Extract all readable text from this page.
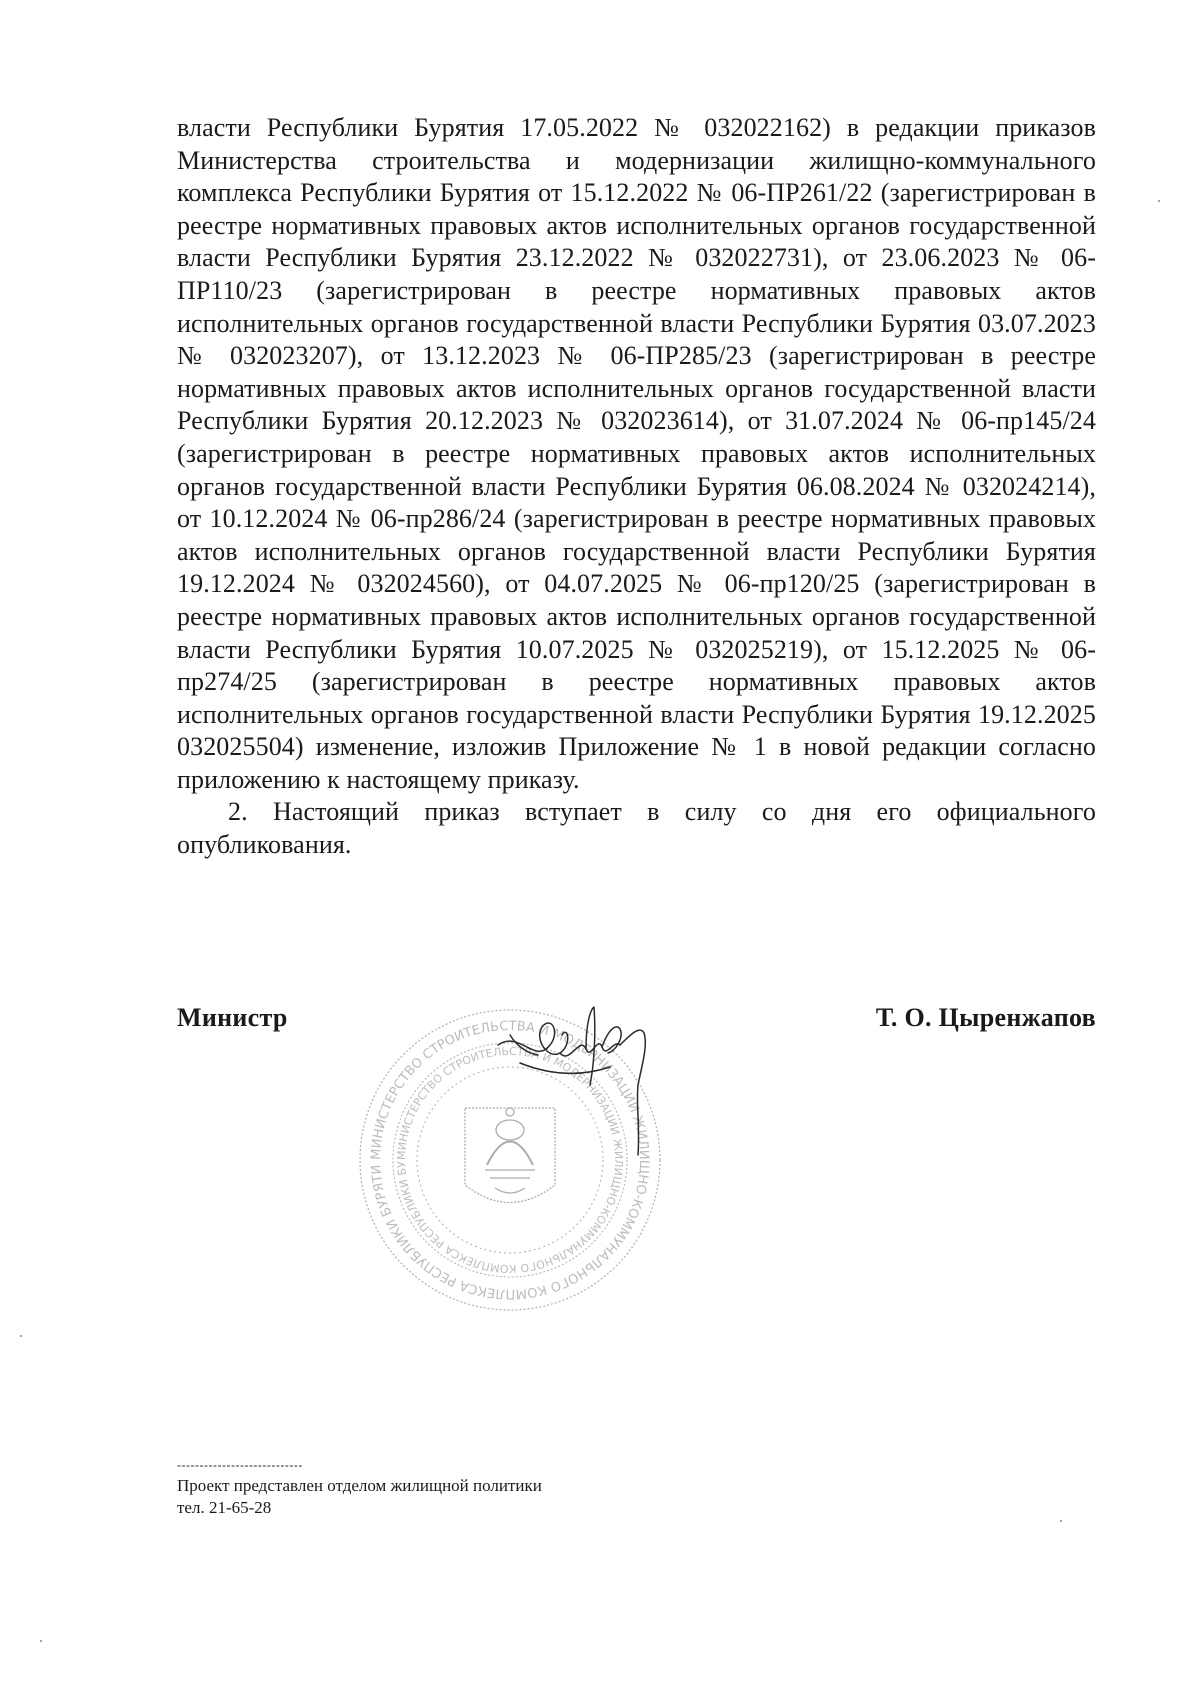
власти Республики Бурятия 17.05.2022 № 032022162) в редакции приказов Министерства строительства и модернизации жилищно-коммунального комплекса Республики Бурятия от 15.12.2022 № 06-ПР261/22 (зарегистрирован в реестре нормативных правовых актов исполнительных органов государственной власти Республики Бурятия 23.12.2022 № 032022731), от 23.06.2023 № 06-ПР110/23 (зарегистрирован в реестре нормативных правовых актов исполнительных органов государственной власти Республики Бурятия 03.07.2023 № 032023207), от 13.12.2023 № 06-ПР285/23 (зарегистрирован в реестре нормативных правовых актов исполнительных органов государственной власти Республики Бурятия 20.12.2023 № 032023614), от 31.07.2024 № 06-пр145/24 (зарегистрирован в реестре нормативных правовых актов исполнительных органов государственной власти Республики Бурятия 06.08.2024 № 032024214), от 10.12.2024 № 06-пр286/24 (зарегистрирован в реестре нормативных правовых актов исполнительных органов государственной власти Республики Бурятия 19.12.2024 № 032024560), от 04.07.2025 № 06-пр120/25 (зарегистрирован в реестре нормативных правовых актов исполнительных органов государственной власти Республики Бурятия 10.07.2025 № 032025219), от 15.12.2025 № 06-пр274/25 (зарегистрирован в реестре нормативных правовых актов исполнительных органов государственной власти Республики Бурятия 19.12.2025 032025504) изменение, изложив Приложение № 1 в новой редакции согласно приложению к настоящему приказу.

2. Настоящий приказ вступает в силу со дня его официального опубликования.

Министр	Т. О. Цыренжапов
МИНИСТЕРСТВО СТРОИТЕЛЬСТВА И МОДЕРНИЗАЦИИ ЖИЛИЩНО-КОММУНАЛЬНОГО КОМПЛЕКСА РЕСПУБЛИКИ БУРЯТИ
МИНИСТЕРСТВО СТРОИТЕЛЬСТВА И МОДЕРНИЗАЦИИ ЖИЛИЩНО-КОММУНАЛЬНОГО КОМПЛЕКСА РЕСПУБЛИКИ БУ
----------------------------
Проект представлен отделом жилищной политики
тел. 21-65-28
